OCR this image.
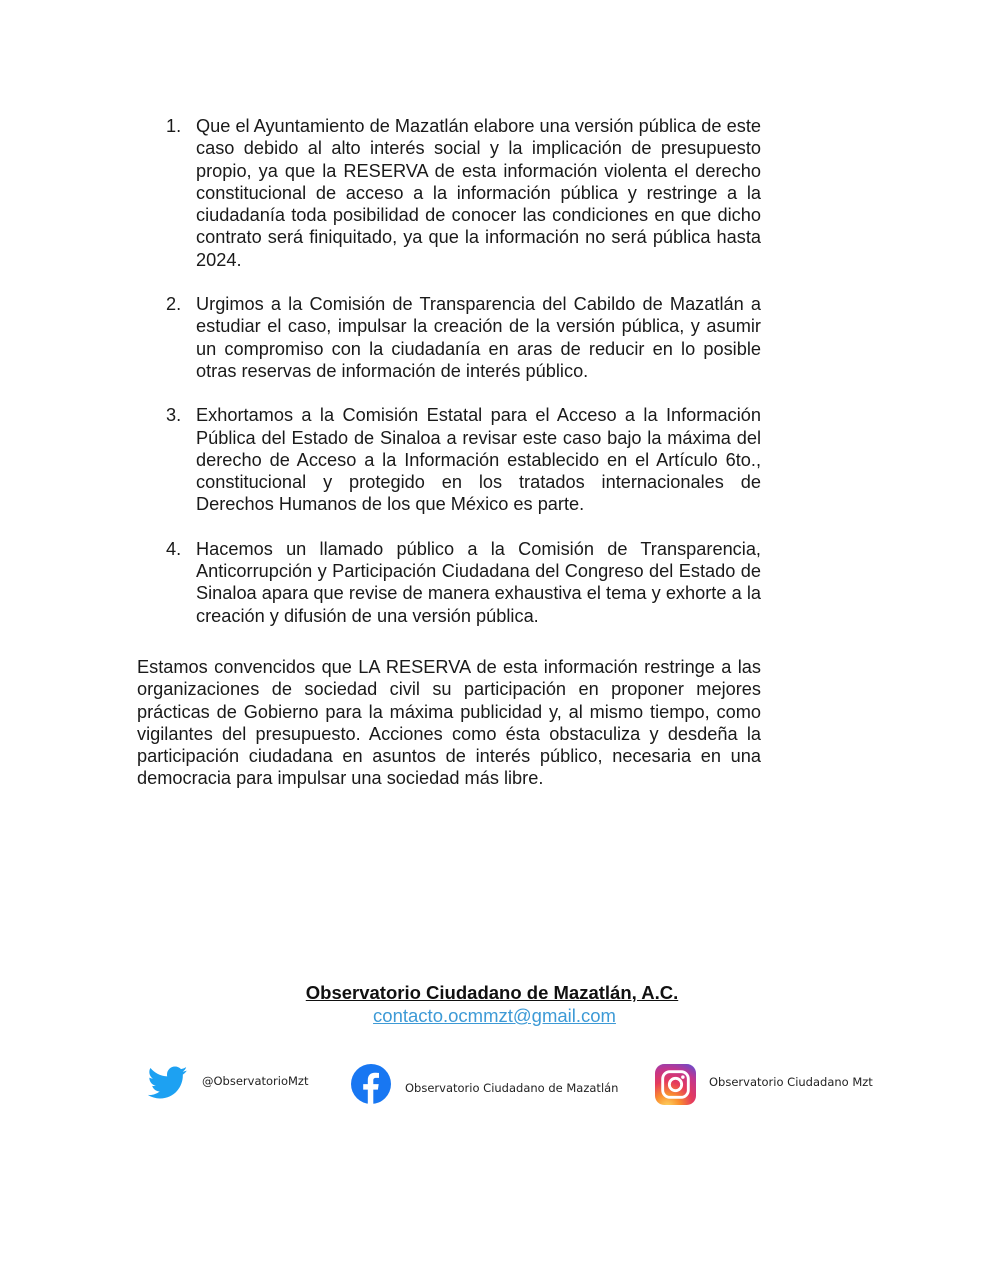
1. Que el Ayuntamiento de Mazatlán elabore una versión pública de este caso debido al alto interés social y la implicación de presupuesto propio, ya que la RESERVA de esta información violenta el derecho constitucional de acceso a la información pública y restringe a la ciudadanía toda posibilidad de conocer las condiciones en que dicho contrato será finiquitado, ya que la información no será pública hasta 2024.
2. Urgimos a la Comisión de Transparencia del Cabildo de Mazatlán a estudiar el caso, impulsar la creación de la versión pública, y asumir un compromiso con la ciudadanía en aras de reducir en lo posible otras reservas de información de interés público.
3. Exhortamos a la Comisión Estatal para el Acceso a la Información Pública del Estado de Sinaloa a revisar este caso bajo la máxima del derecho de Acceso a la Información establecido en el Artículo 6to., constitucional y protegido en los tratados internacionales de Derechos Humanos de los que México es parte.
4. Hacemos un llamado público a la Comisión de Transparencia, Anticorrupción y Participación Ciudadana del Congreso del Estado de Sinaloa apara que revise de manera exhaustiva el tema y exhorte a la creación y difusión de una versión pública.

Estamos convencidos que LA RESERVA de esta información restringe a las organizaciones de sociedad civil su participación en proponer mejores prácticas de Gobierno para la máxima publicidad y, al mismo tiempo, como vigilantes del presupuesto. Acciones como ésta obstaculiza y desdeña la participación ciudadana en asuntos de interés público, necesaria en una democracia para impulsar una sociedad más libre.

Observatorio Ciudadano de Mazatlán, A.C.
contacto.ocmmzt@gmail.com
@ObservatorioMzt	Observatorio Ciudadano de Mazatlán	Observatorio Ciudadano Mzt
